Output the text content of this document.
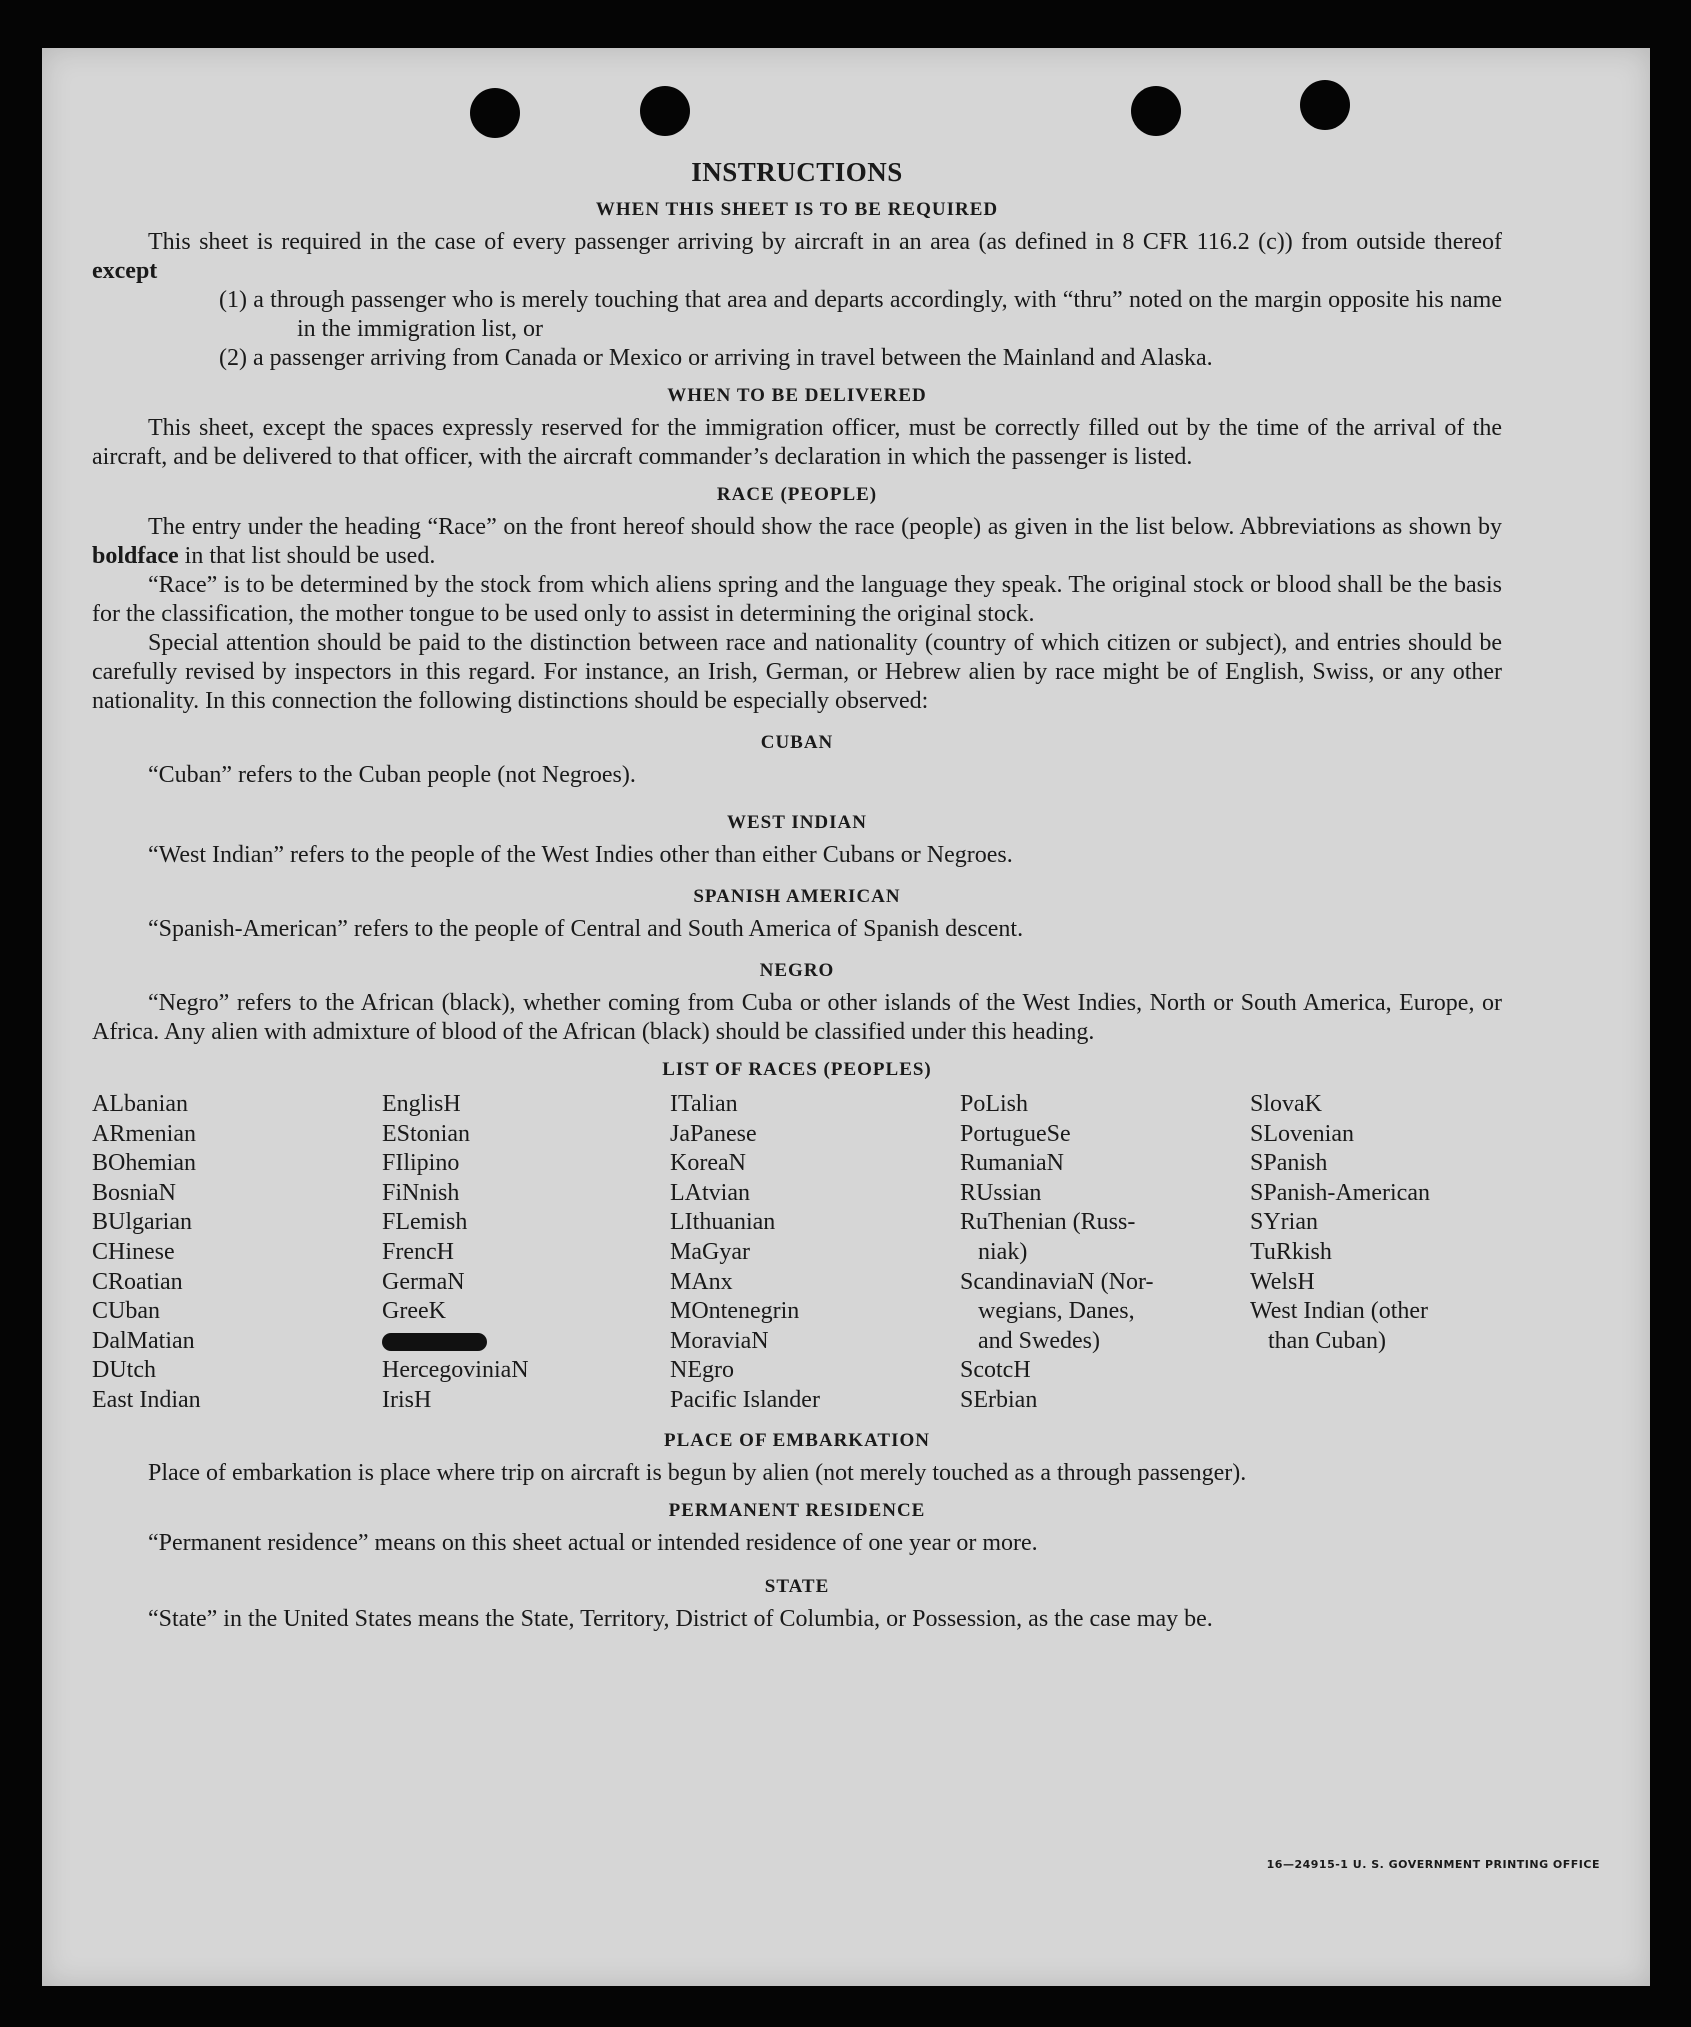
INSTRUCTIONS
WHEN THIS SHEET IS TO BE REQUIRED

This sheet is required in the case of every passenger arriving by aircraft in an area (as defined in 8 CFR 116.2 (c)) from outside thereof except

(1) a through passenger who is merely touching that area and departs accordingly, with “thru” noted on the margin opposite his name in the immigration list, or

(2) a passenger arriving from Canada or Mexico or arriving in travel between the Mainland and Alaska.

WHEN TO BE DELIVERED

This sheet, except the spaces expressly reserved for the immigration officer, must be correctly filled out by the time of the arrival of the aircraft, and be delivered to that officer, with the aircraft commander’s declaration in which the passenger is listed.

RACE (PEOPLE)

The entry under the heading “Race” on the front hereof should show the race (people) as given in the list below. Abbreviations as shown by boldface in that list should be used.

“Race” is to be determined by the stock from which aliens spring and the language they speak. The original stock or blood shall be the basis for the classification, the mother tongue to be used only to assist in determining the original stock.

Special attention should be paid to the distinction between race and nationality (country of which citizen or subject), and entries should be carefully revised by inspectors in this regard. For instance, an Irish, German, or Hebrew alien by race might be of English, Swiss, or any other nationality. In this connection the following distinctions should be especially observed:

CUBAN

“Cuban” refers to the Cuban people (not Negroes).

WEST INDIAN

“West Indian” refers to the people of the West Indies other than either Cubans or Negroes.

SPANISH AMERICAN

“Spanish-American” refers to the people of Central and South America of Spanish descent.

NEGRO

“Negro” refers to the African (black), whether coming from Cuba or other islands of the West Indies, North or South America, Europe, or Africa. Any alien with admixture of blood of the African (black) should be classified under this heading.

LIST OF RACES (PEOPLES)
ALbanian
ARmenian
BOhemian
BosniaN
BUlgarian
CHinese
CRoatian
CUban
DalMatian
DUtch
East Indian
EnglisH
EStonian
FIlipino
FiNnish
FLemish
FrencH
GermaN
GreeK
HercegoviniaN
IrisH
ITalian
JaPanese
KoreaN
LAtvian
LIthuanian
MaGyar
MAnx
MOntenegrin
MoraviaN
NEgro
Pacific Islander
PoLish
PortugueSe
RumaniaN
RUssian
RuThenian (Russ-
niak)
ScandinaviaN (Nor-
wegians, Danes,
and Swedes)
ScotcH
SErbian
SlovaK
SLovenian
SPanish
SPanish-American
SYrian
TuRkish
WelsH
West Indian (other
than Cuban)
PLACE OF EMBARKATION

Place of embarkation is place where trip on aircraft is begun by alien (not merely touched as a through passenger).

PERMANENT RESIDENCE

“Permanent residence” means on this sheet actual or intended residence of one year or more.

STATE

“State” in the United States means the State, Territory, District of Columbia, or Possession, as the case may be.

16—24915-1 U. S. GOVERNMENT PRINTING OFFICE
